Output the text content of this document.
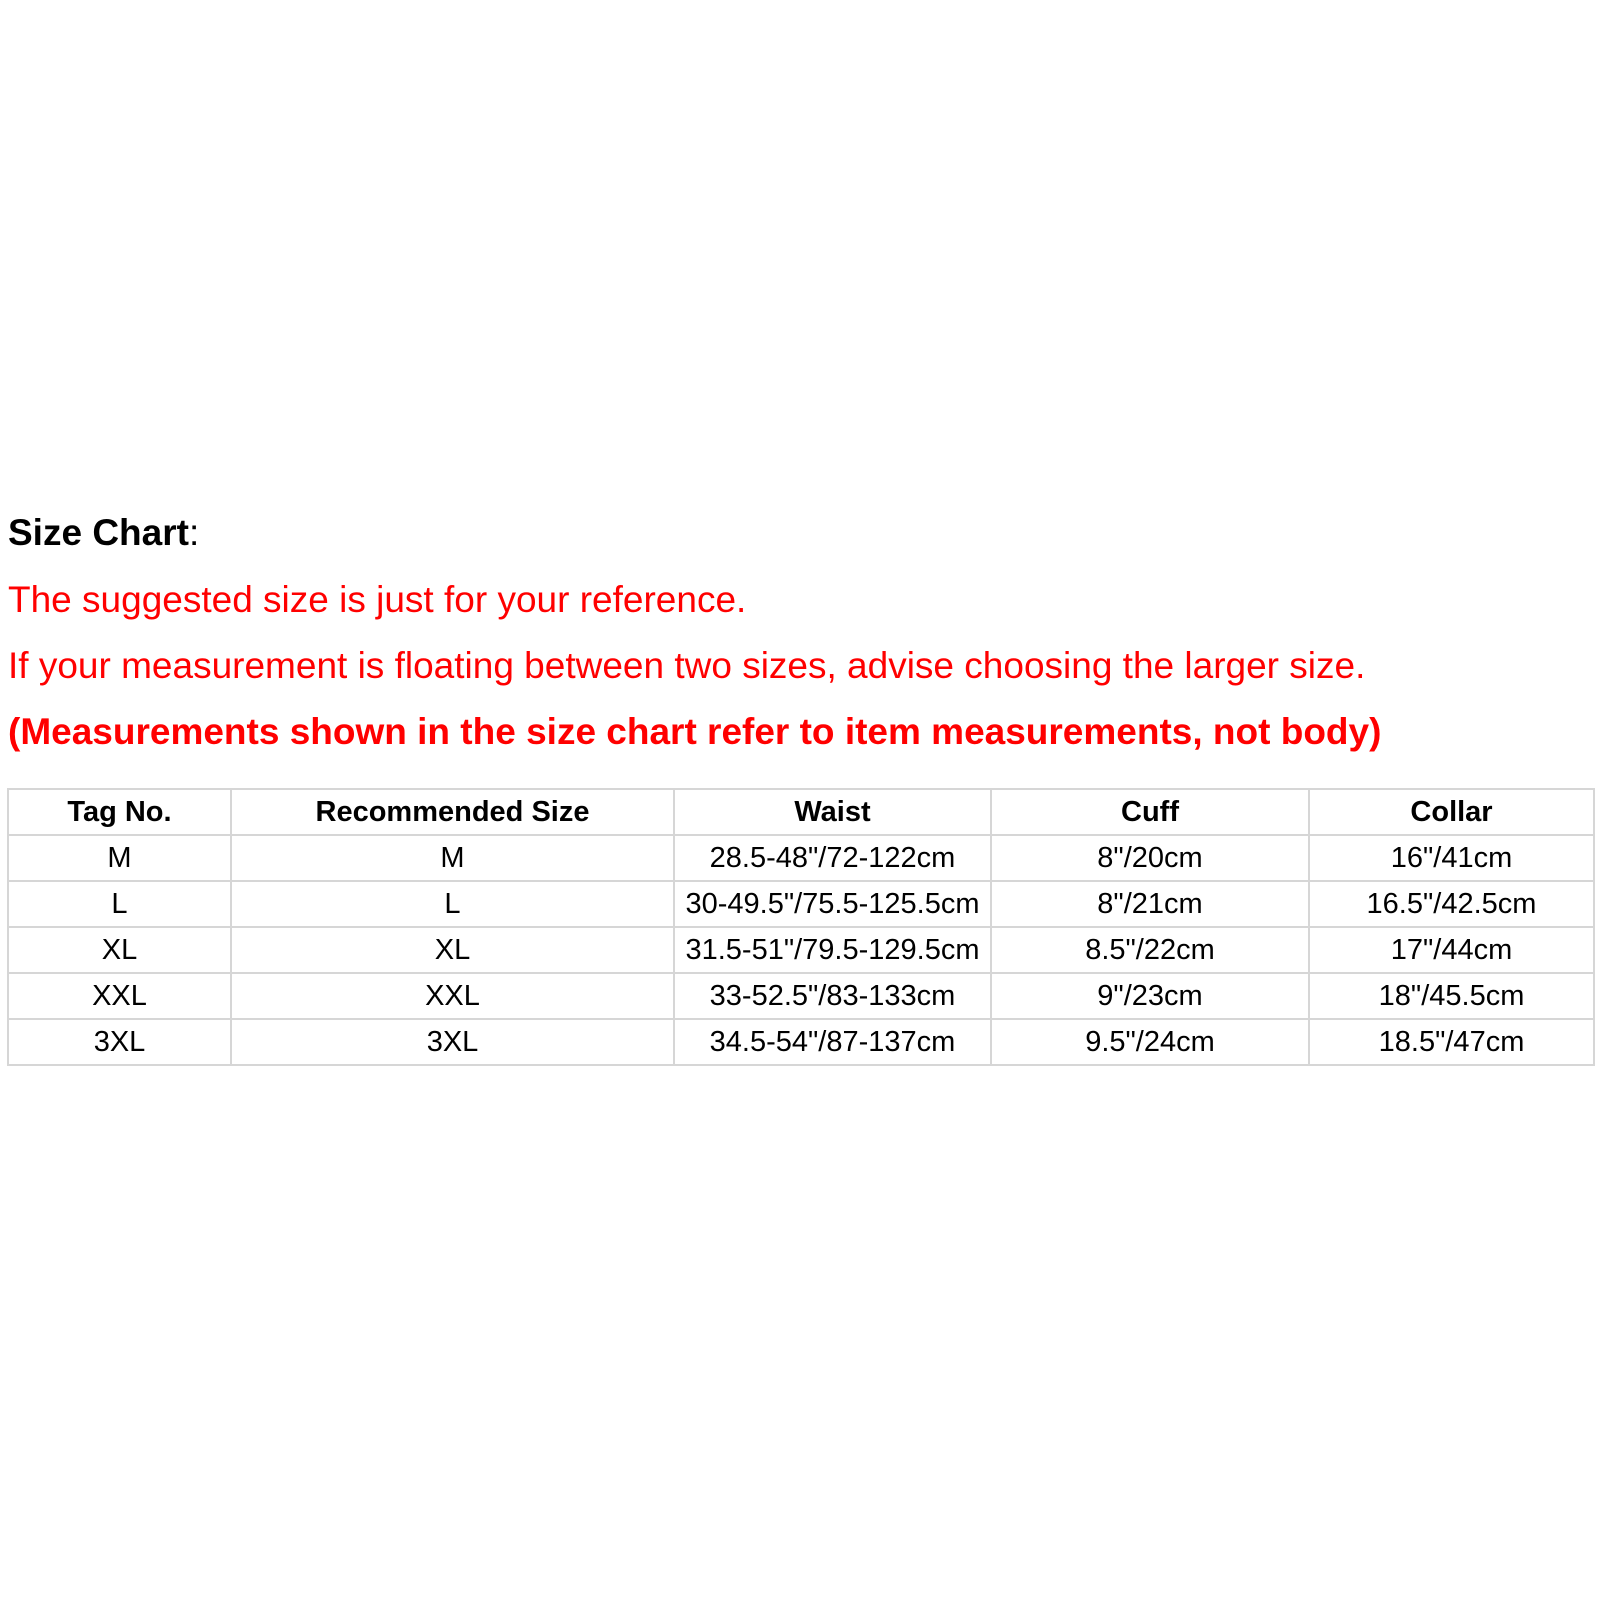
Size Chart:

The suggested size is just for your reference.

If your measurement is floating between two sizes, advise choosing the larger size.

(Measurements shown in the size chart refer to item measurements, not body)

Tag No.	Recommended Size	Waist	Cuff	Collar
M	M	28.5-48"/72-122cm	8"/20cm	16"/41cm
L	L	30-49.5"/75.5-125.5cm	8"/21cm	16.5"/42.5cm
XL	XL	31.5-51"/79.5-129.5cm	8.5"/22cm	17"/44cm
XXL	XXL	33-52.5"/83-133cm	9"/23cm	18"/45.5cm
3XL	3XL	34.5-54"/87-137cm	9.5"/24cm	18.5"/47cm
